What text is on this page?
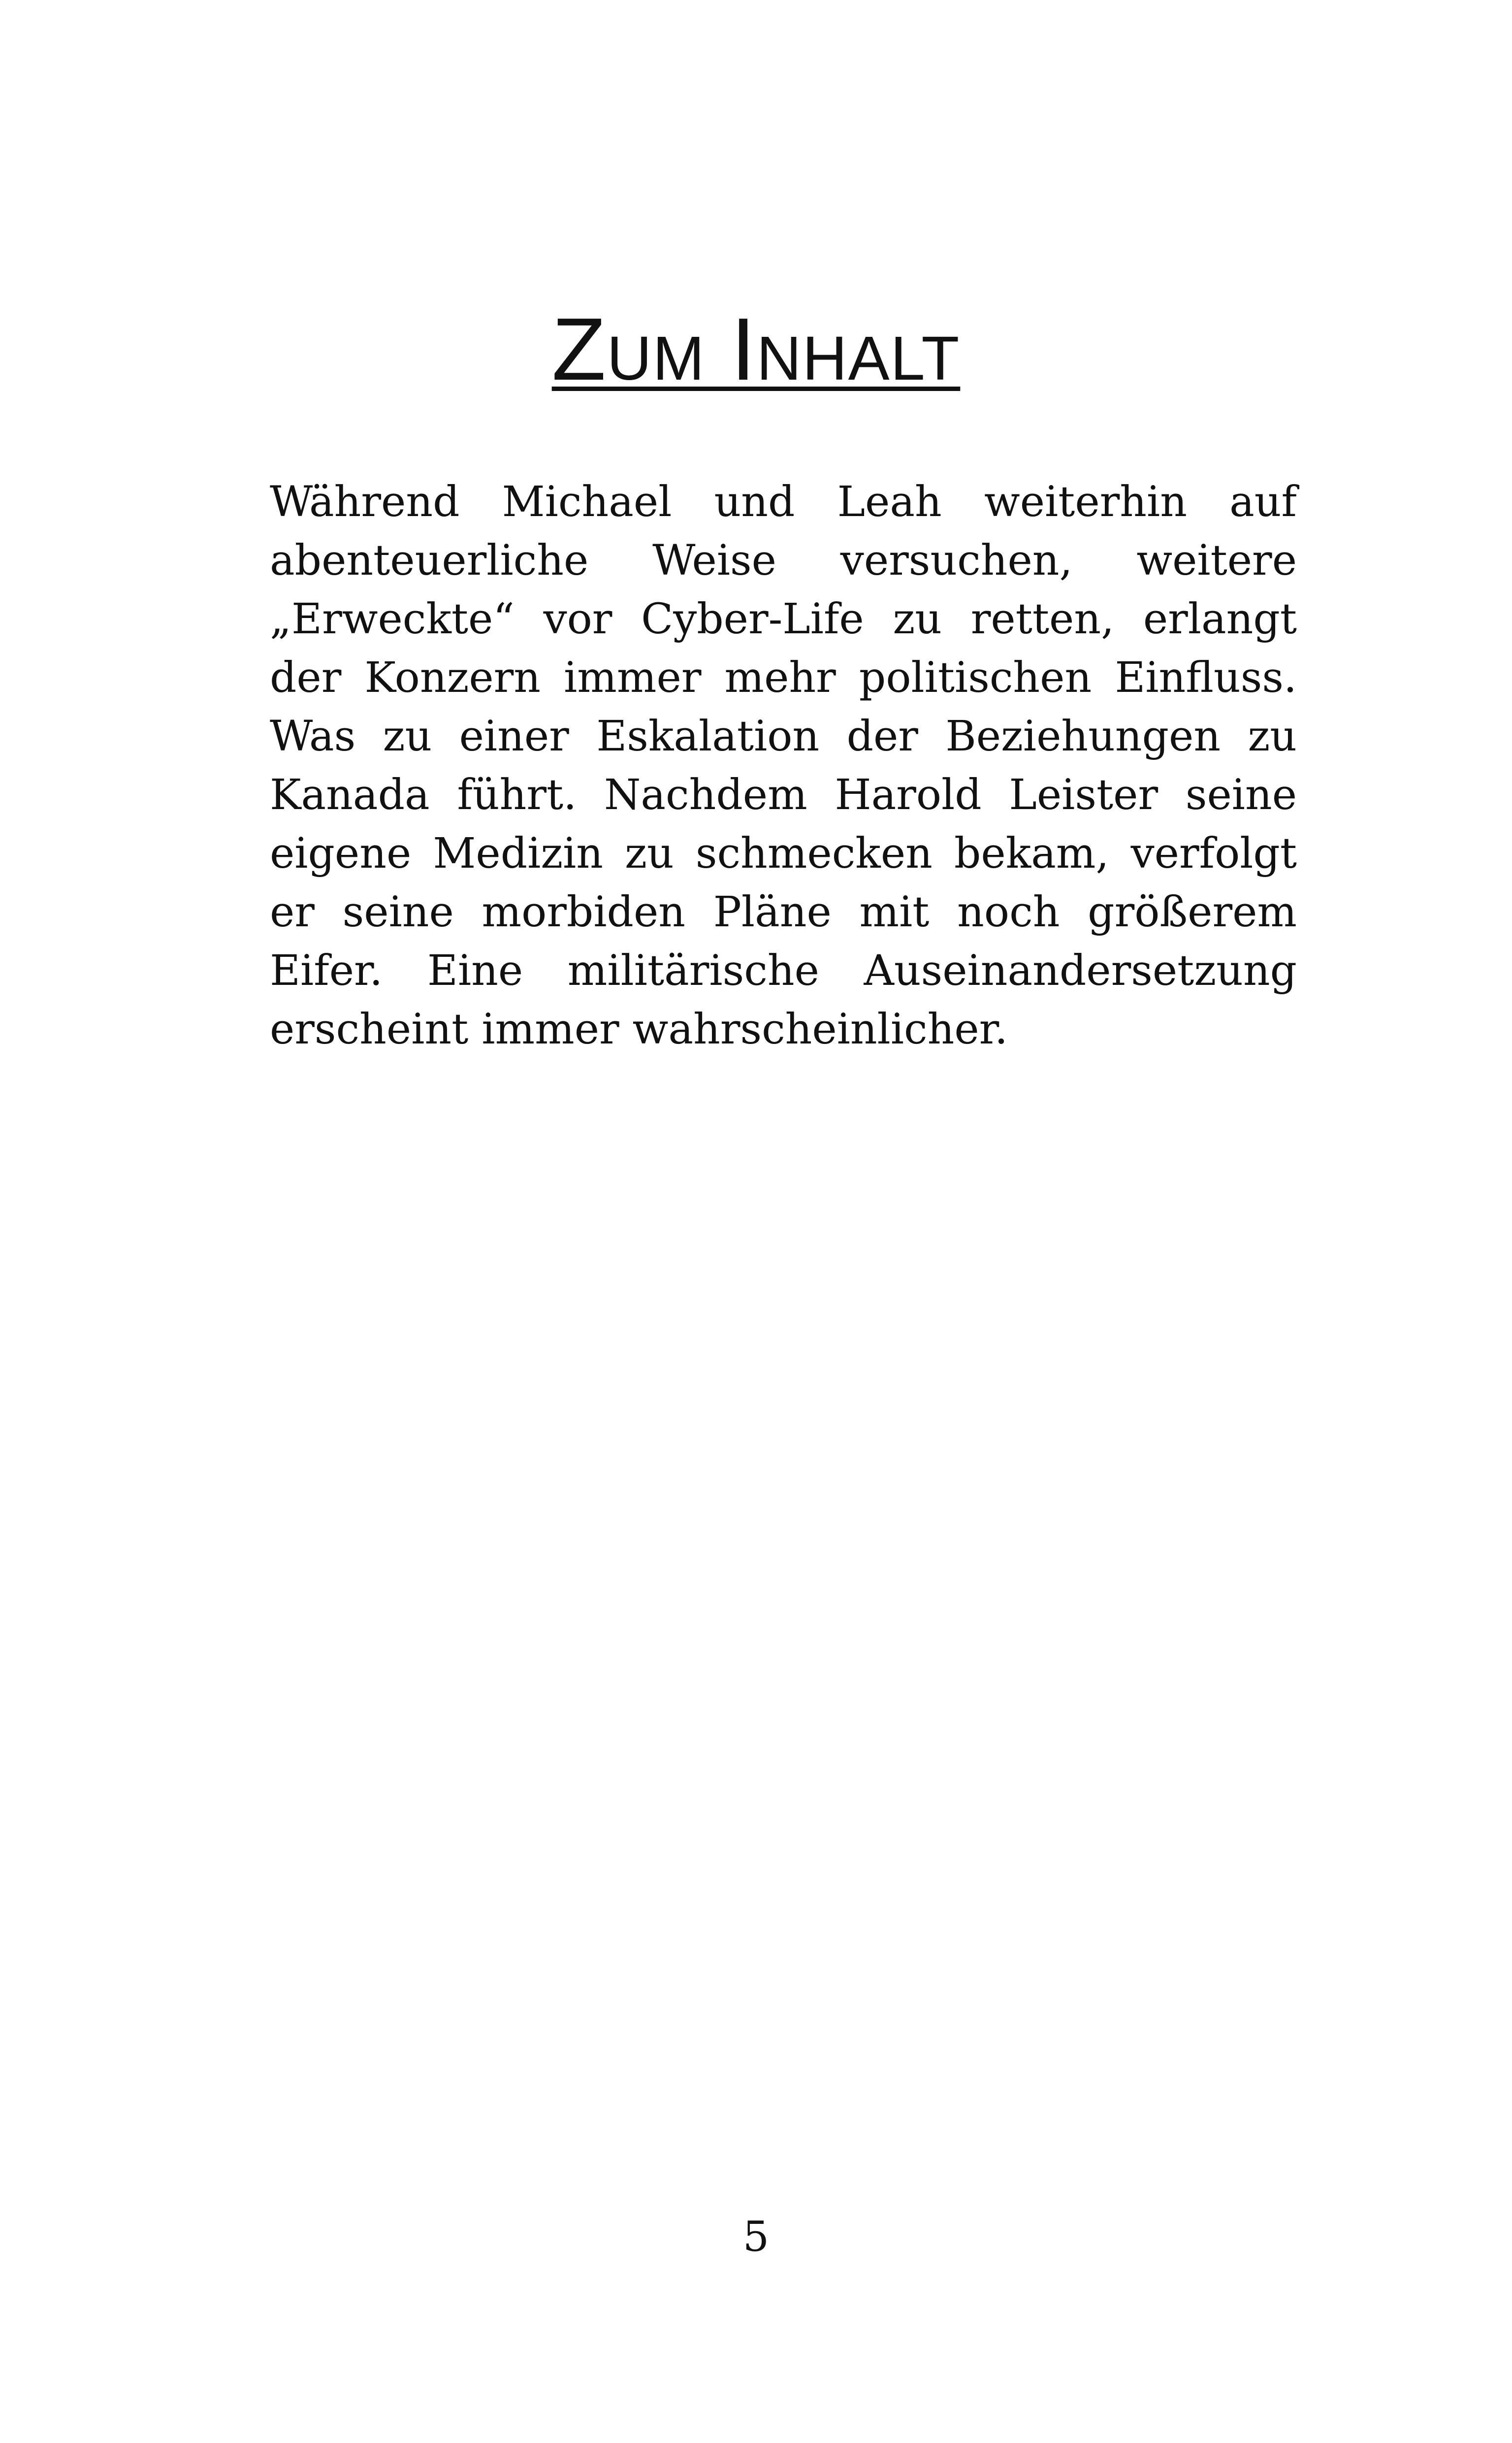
Zum Inhalt

Während Michael und Leah weiterhin auf abenteuerliche Weise versuchen, weitere „Erweckte“ vor Cyber-Life zu retten, erlangt der Konzern immer mehr politischen Einfluss. Was zu einer Eskalation der Beziehungen zu Kanada führt. Nachdem Harold Leister seine eigene Medizin zu schmecken bekam, verfolgt er seine morbiden Pläne mit noch größerem Eifer. Eine militärische Auseinandersetzung erscheint immer wahrscheinlicher.

5
